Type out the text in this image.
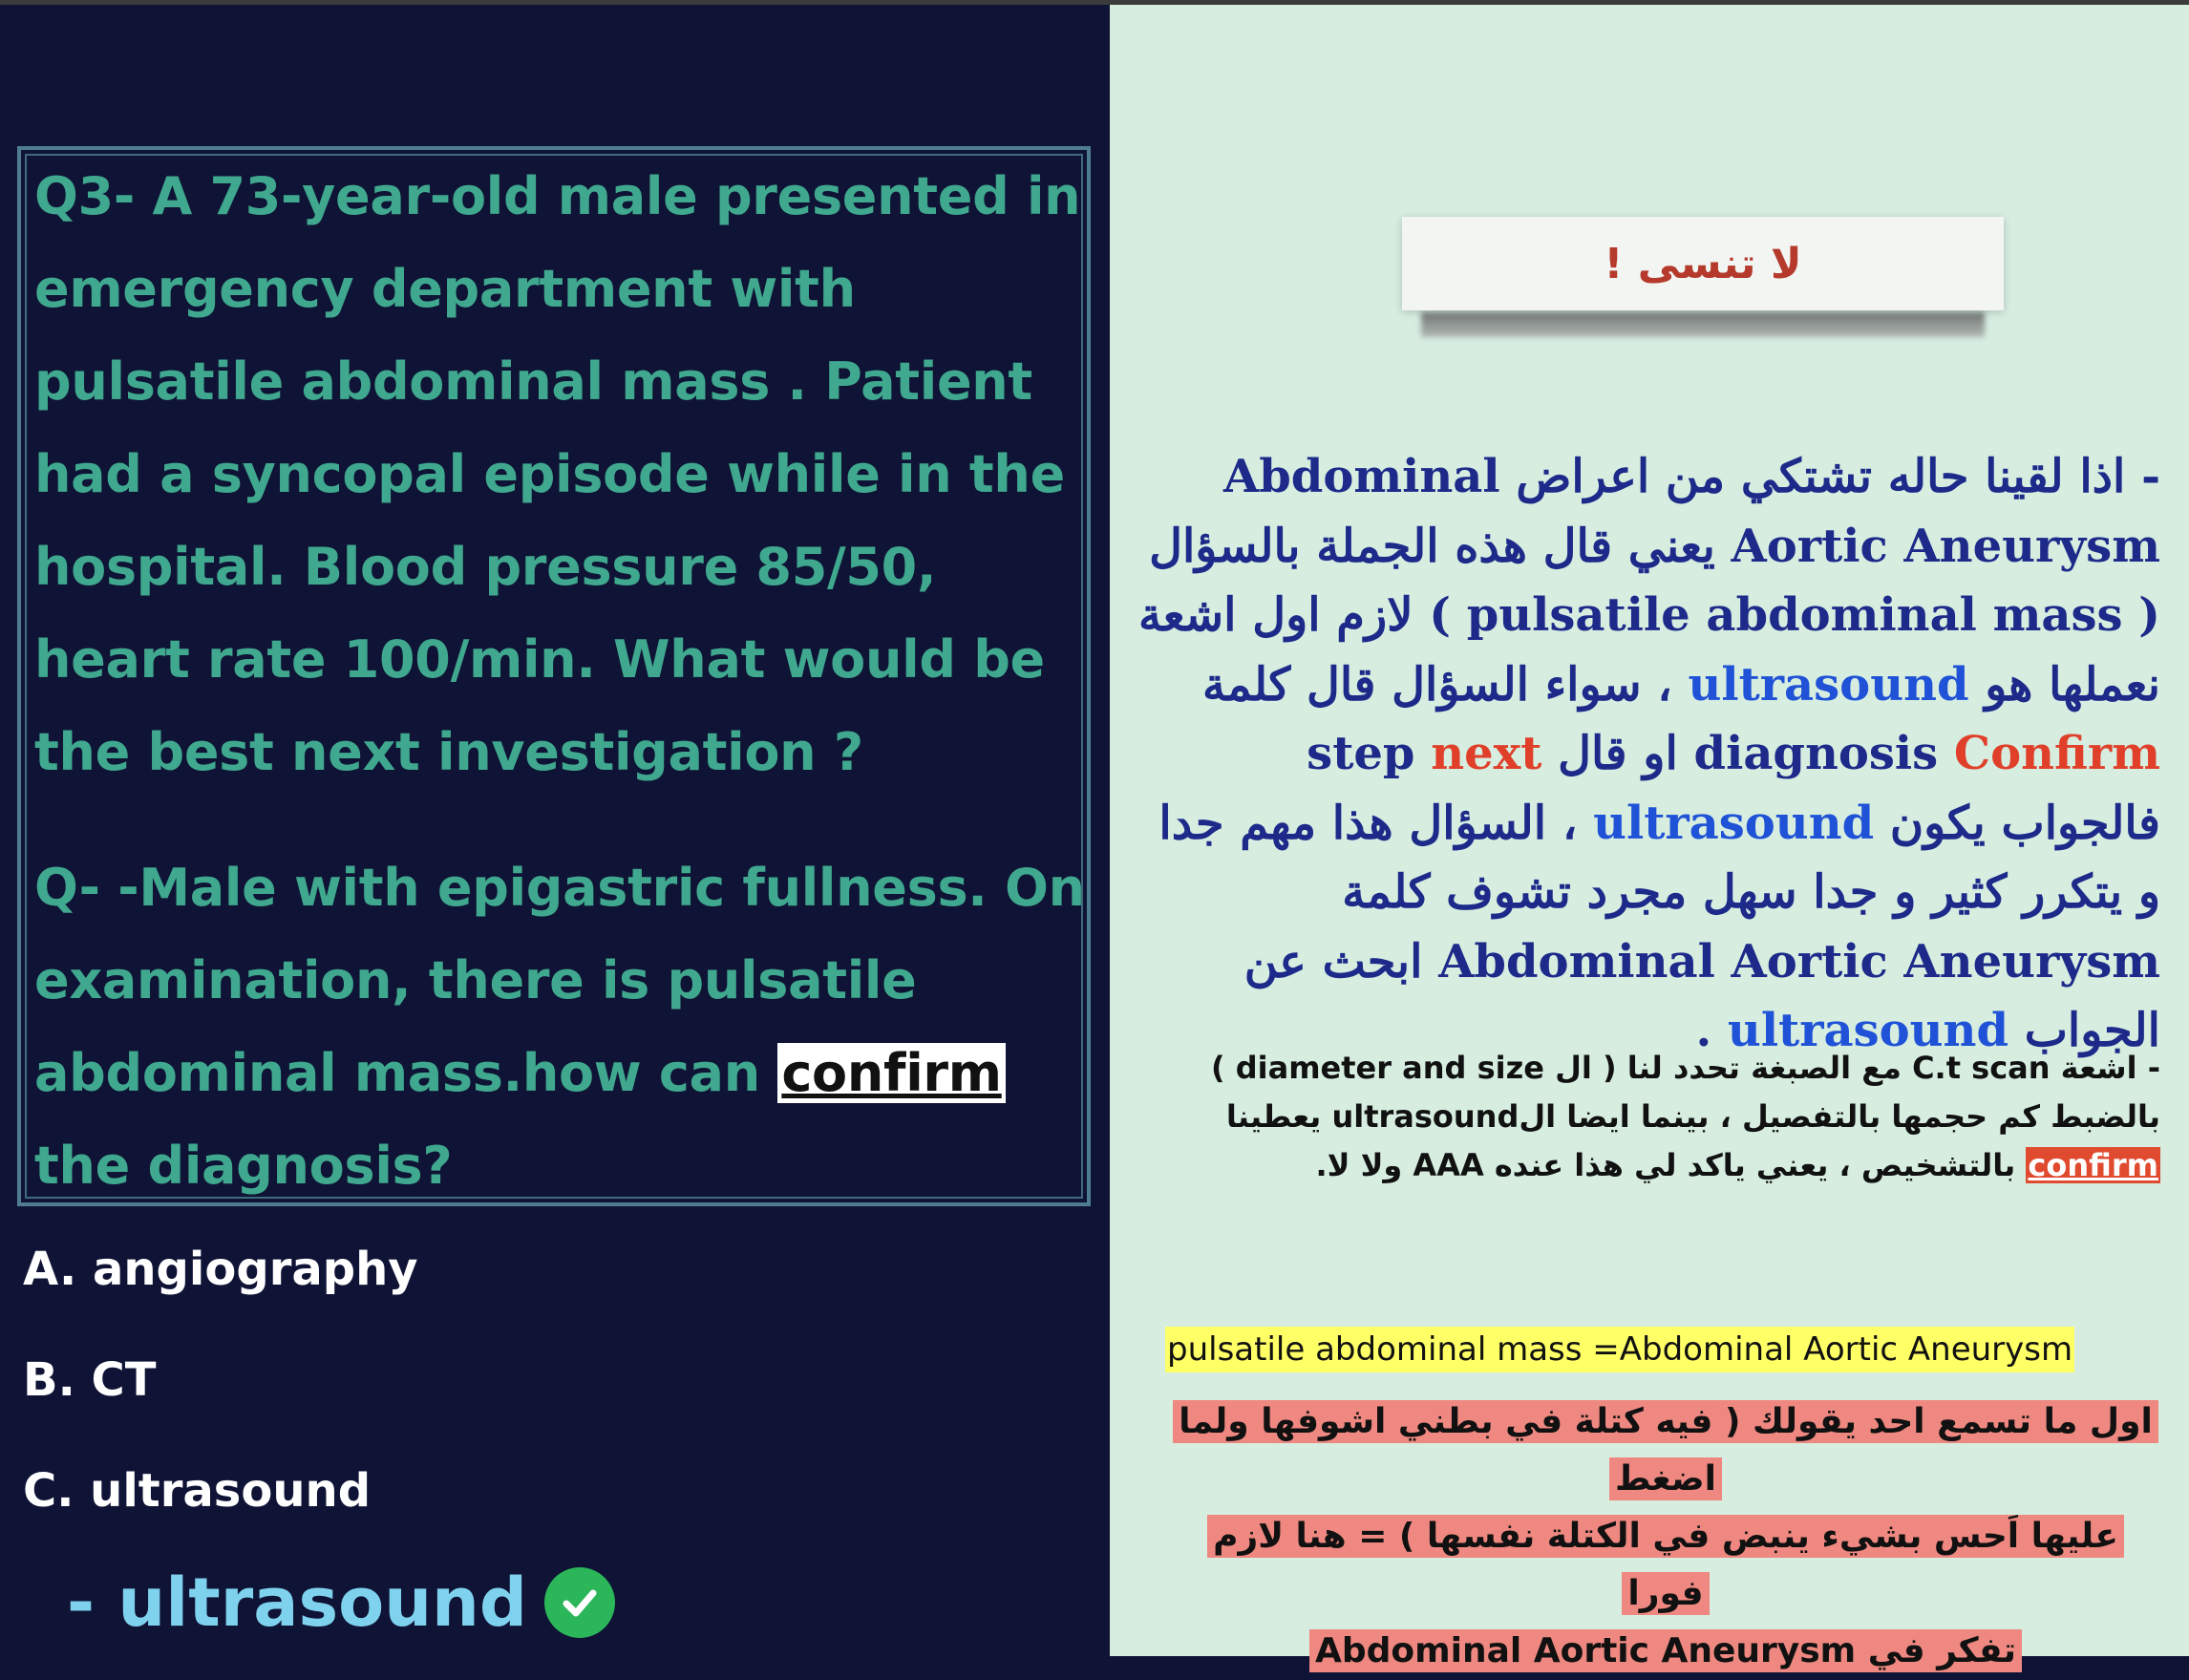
Q3- A 73-year-old male presented in emergency department with pulsatile abdominal mass . Patient had a syncopal episode while in the hospital. Blood pressure 85/50, heart rate 100/min. What would be the best next investigation ?

Q- -Male with epigastric fullness. On examination, there is pulsatile abdominal mass.how can confirm the diagnosis?

A. angiography

B. CT

C. ultrasound

- ultrasound
لا تنسى !

- اذا لقينا حاله تشتكي من اعراض Abdominal Aortic Aneurysm يعني قال هذه الجملة بالسؤال ( pulsatile abdominal mass ) لازم اول اشعة نعملها هو ultrasound ، سواء السؤال قال كلمة Confirm diagnosis او قال next step فالجواب يكون ultrasound ، السؤال هذا مهم جدا و يتكرر كثير و جدا سهل مجرد تشوف كلمة Abdominal Aortic Aneurysm ابحث عن الجواب ultrasound .

- اشعة C.t scan مع الصبغة تحدد لنا ( ال diameter and size ) بالضبط كم حجمها بالتفصيل ، بينما ايضا الultrasound يعطينا confirm بالتشخيص ، يعني ياكد لي هذا عنده AAA ولا لا.

pulsatile abdominal mass =Abdominal Aortic Aneurysm

اول ما تسمع احد يقولك ( فيه كتلة في بطني اشوفها ولما اضغط
عليها اَحس بشيء ينبض في الكتلة نفسها ) = هنا لازم فورا
تفكر في Abdominal Aortic Aneurysm
